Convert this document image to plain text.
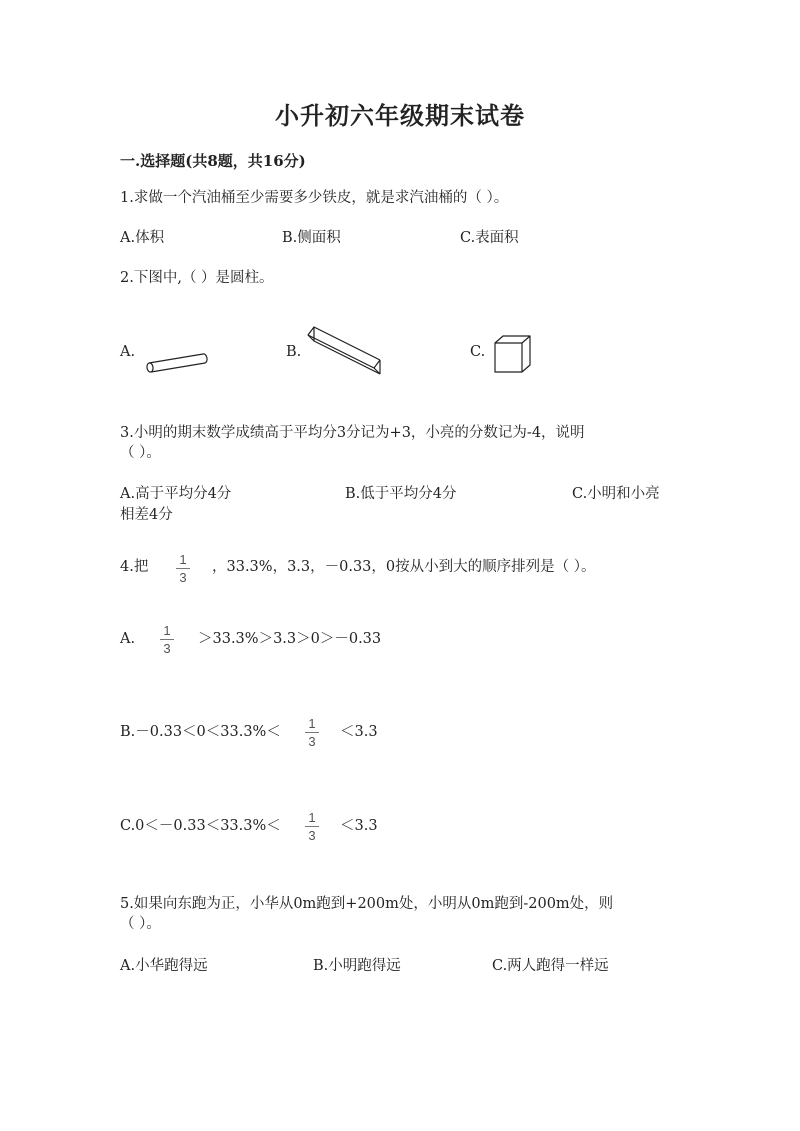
小升初六年级期末试卷
一.选择题(共8题，共16分)
1.求做一个汽油桶至少需要多少铁皮，就是求汽油桶的（ ）。
A.体积	B.侧面积	C.表面积
2.下图中,（ ）是圆柱。
A.	B.	C.
3.小明的期末数学成绩高于平均分3分记为+3，小亮的分数记为-4，说明
（ ）。
A.高于平均分4分	B.低于平均分4分	C.小明和小亮
相差4分
4.把 1
3
，33.3%，3.3，－0.33，0按从小到大的顺序排列是（ ）。
A.
1
3
＞33.3%＞3.3＞0＞－0.33
B.－0.33＜0＜33.3%＜
1
3
＜3.3
C.0＜－0.33＜33.3%＜
1
3
＜3.3
5.如果向东跑为正，小华从0m跑到+200m处，小明从0m跑到-200m处，则
（ ）。
A.小华跑得远	B.小明跑得远	C.两人跑得一样远
